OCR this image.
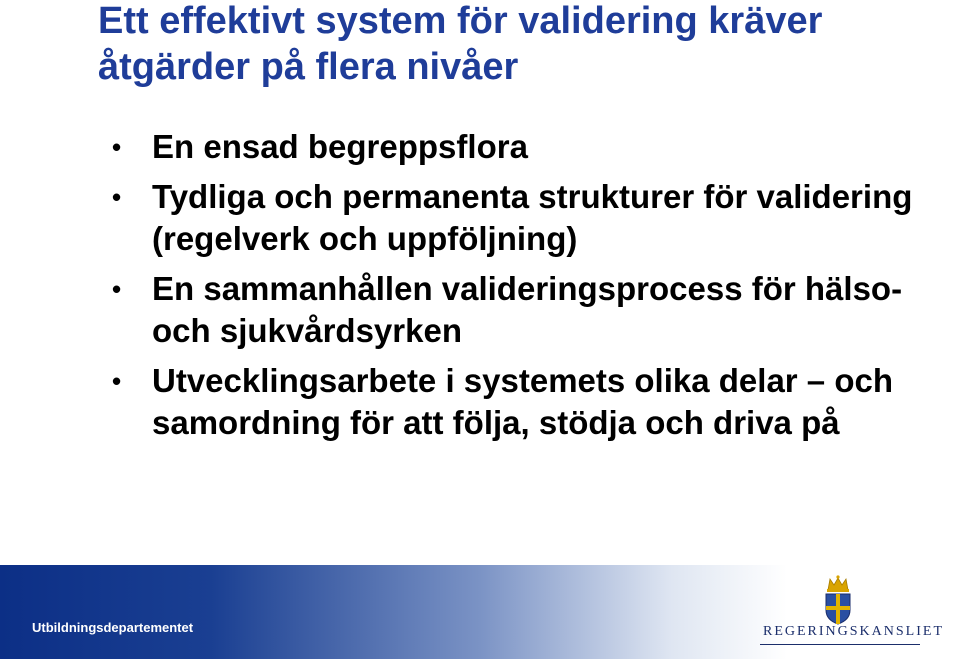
Ett effektivt system för validering kräver åtgärder på flera nivåer
• En ensad begreppsflora
• Tydliga och permanenta strukturer för validering (regelverk och uppföljning)
• En sammanhållen valideringsprocess för hälso- och sjukvårdsyrken
• Utvecklingsarbete i systemets olika delar – och samordning för att följa, stödja och driva på
Utbildningsdepartementet	REGERINGSKANSLIET
